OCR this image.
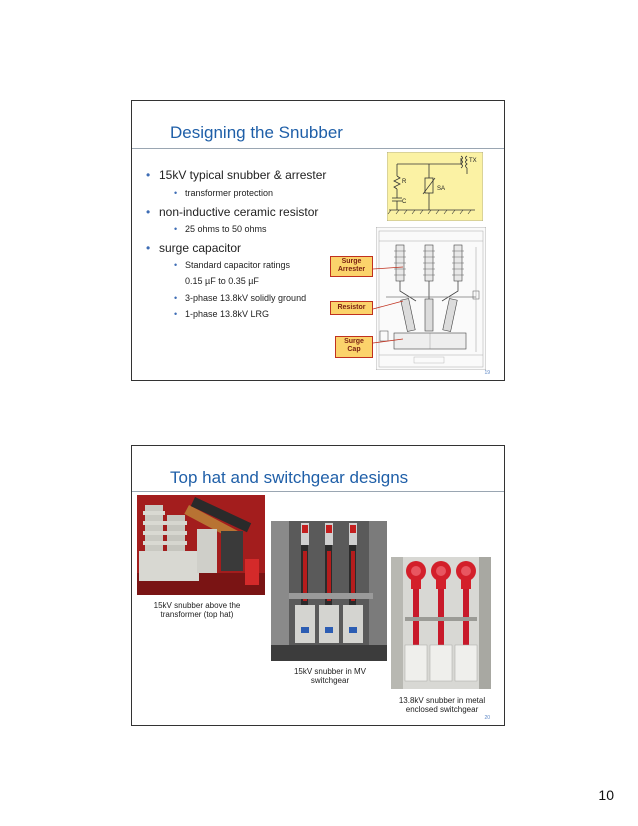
Designing the Snubber
• 15kV typical snubber & arrester
• transformer protection
• non-inductive ceramic resistor
• 25 ohms to 50 ohms
• surge capacitor
• Standard capacitor ratings
0.15 µF to 0.35 µF
• 3-phase 13.8kV solidly ground
• 1-phase 13.8kV LRG
TX
R
SA
C
Surge
Arrester
Resistor
Surge
Cap
19
Top hat and switchgear designs
15kV snubber above the
transformer (top hat)
15kV snubber in MV
switchgear
13.8kV snubber in metal
enclosed switchgear
20
10
